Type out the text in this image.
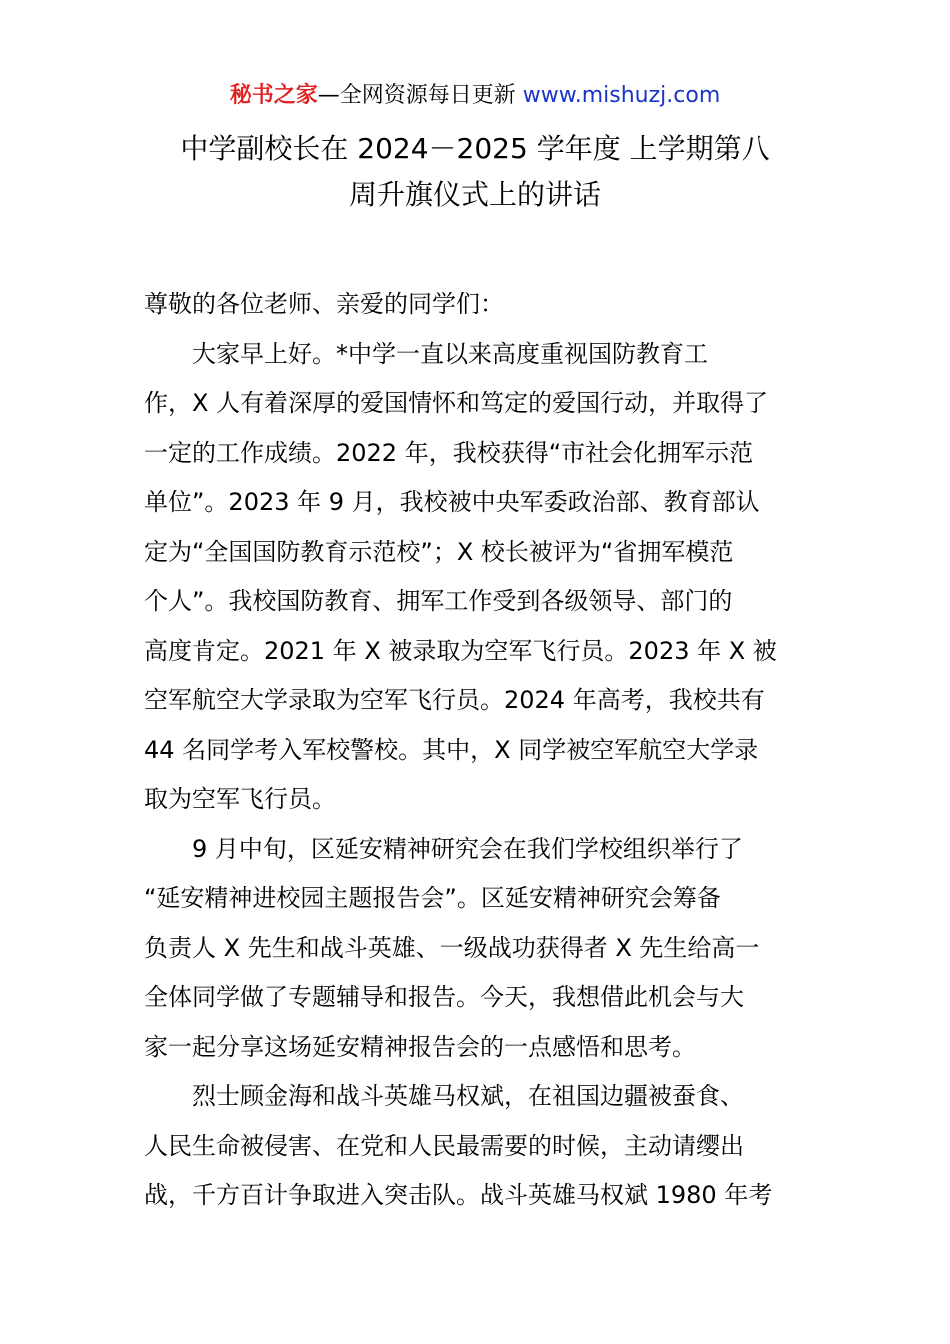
秘书之家—全网资源每日更新 www.mishuzj.com
中学副校长在 2024－2025 学年度 上学期第八
周升旗仪式上的讲话
尊敬的各位老师、亲爱的同学们：
大家早上好。*中学一直以来高度重视国防教育工
作，X 人有着深厚的爱国情怀和笃定的爱国行动，并取得了
一定的工作成绩。2022 年，我校获得“市社会化拥军示范
单位”。2023 年 9 月，我校被中央军委政治部、教育部认
定为“全国国防教育示范校”；X 校长被评为“省拥军模范
个人”。我校国防教育、拥军工作受到各级领导、部门的
高度肯定。2021 年 X 被录取为空军飞行员。2023 年 X 被
空军航空大学录取为空军飞行员。2024 年高考，我校共有
44 名同学考入军校警校。其中，X 同学被空军航空大学录
取为空军飞行员。
9 月中旬，区延安精神研究会在我们学校组织举行了
“延安精神进校园主题报告会”。区延安精神研究会筹备
负责人 X 先生和战斗英雄、一级战功获得者 X 先生给高一
全体同学做了专题辅导和报告。今天，我想借此机会与大
家一起分享这场延安精神报告会的一点感悟和思考。
烈士顾金海和战斗英雄马权斌，在祖国边疆被蚕食、
人民生命被侵害、在党和人民最需要的时候，主动请缨出
战，千方百计争取进入突击队。战斗英雄马权斌 1980 年考
